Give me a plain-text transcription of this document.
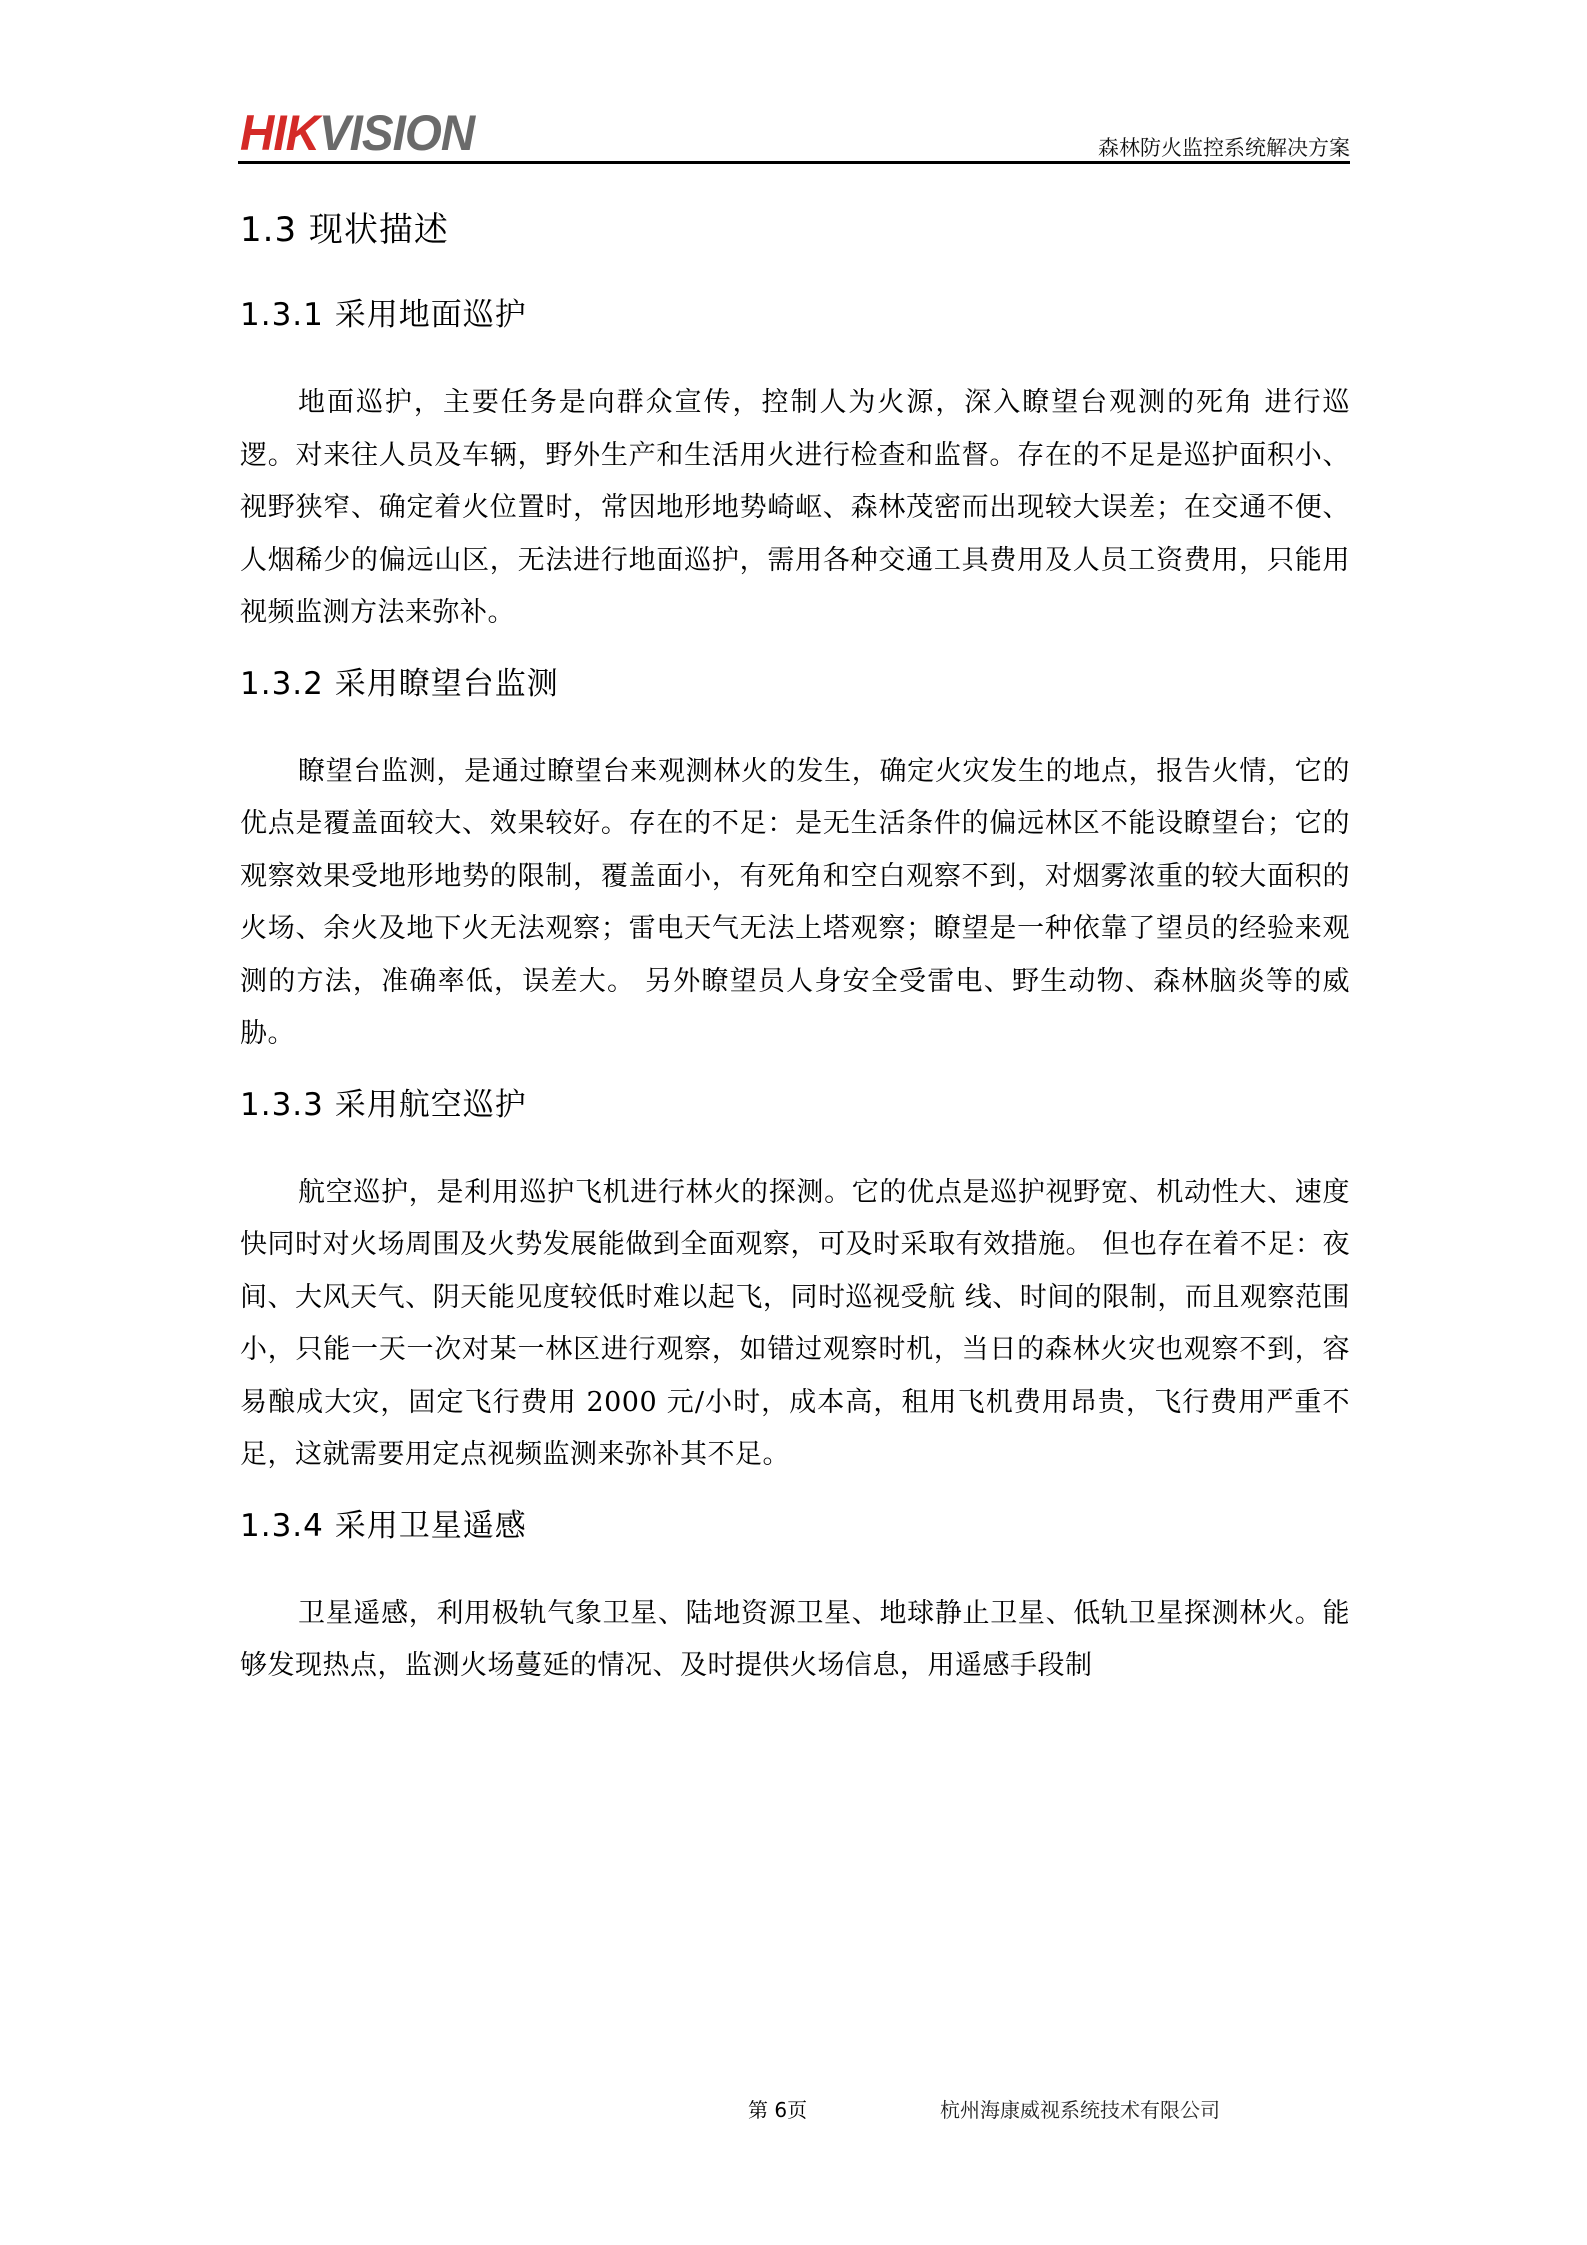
HIKVISION	森林防火监控系统解决方案
1.3 现状描述
1.3.1 采用地面巡护

地面巡护，主要任务是向群众宣传，控制人为火源，深入瞭望台观测的死角 进行巡逻。对来往人员及车辆，野外生产和生活用火进行检查和监督。存在的不足是巡护面积小、视野狭窄、确定着火位置时，常因地形地势崎岖、森林茂密而出现较大误差；在交通不便、人烟稀少的偏远山区，无法进行地面巡护，需用各种交通工具费用及人员工资费用，只能用视频监测方法来弥补。

1.3.2 采用瞭望台监测

瞭望台监测，是通过瞭望台来观测林火的发生，确定火灾发生的地点，报告火情，它的优点是覆盖面较大、效果较好。存在的不足：是无生活条件的偏远林区不能设瞭望台；它的观察效果受地形地势的限制，覆盖面小，有死角和空白观察不到，对烟雾浓重的较大面积的火场、余火及地下火无法观察；雷电天气无法上塔观察；瞭望是一种依靠了望员的经验来观测的方法，准确率低，误差大。 另外瞭望员人身安全受雷电、野生动物、森林脑炎等的威胁。

1.3.3 采用航空巡护

航空巡护，是利用巡护飞机进行林火的探测。它的优点是巡护视野宽、机动性大、速度快同时对火场周围及火势发展能做到全面观察，可及时采取有效措施。 但也存在着不足：夜间、大风天气、阴天能见度较低时难以起飞，同时巡视受航 线、时间的限制，而且观察范围小，只能一天一次对某一林区进行观察，如错过观察时机，当日的森林火灾也观察不到，容易酿成大灾，固定飞行费用 2000 元/小时，成本高，租用飞机费用昂贵，飞行费用严重不足，这就需要用定点视频监测来弥补其不足。

1.3.4 采用卫星遥感

卫星遥感，利用极轨气象卫星、陆地资源卫星、地球静止卫星、低轨卫星探测林火。能够发现热点，监测火场蔓延的情况、及时提供火场信息，用遥感手段制

第 6页	杭州海康威视系统技术有限公司
